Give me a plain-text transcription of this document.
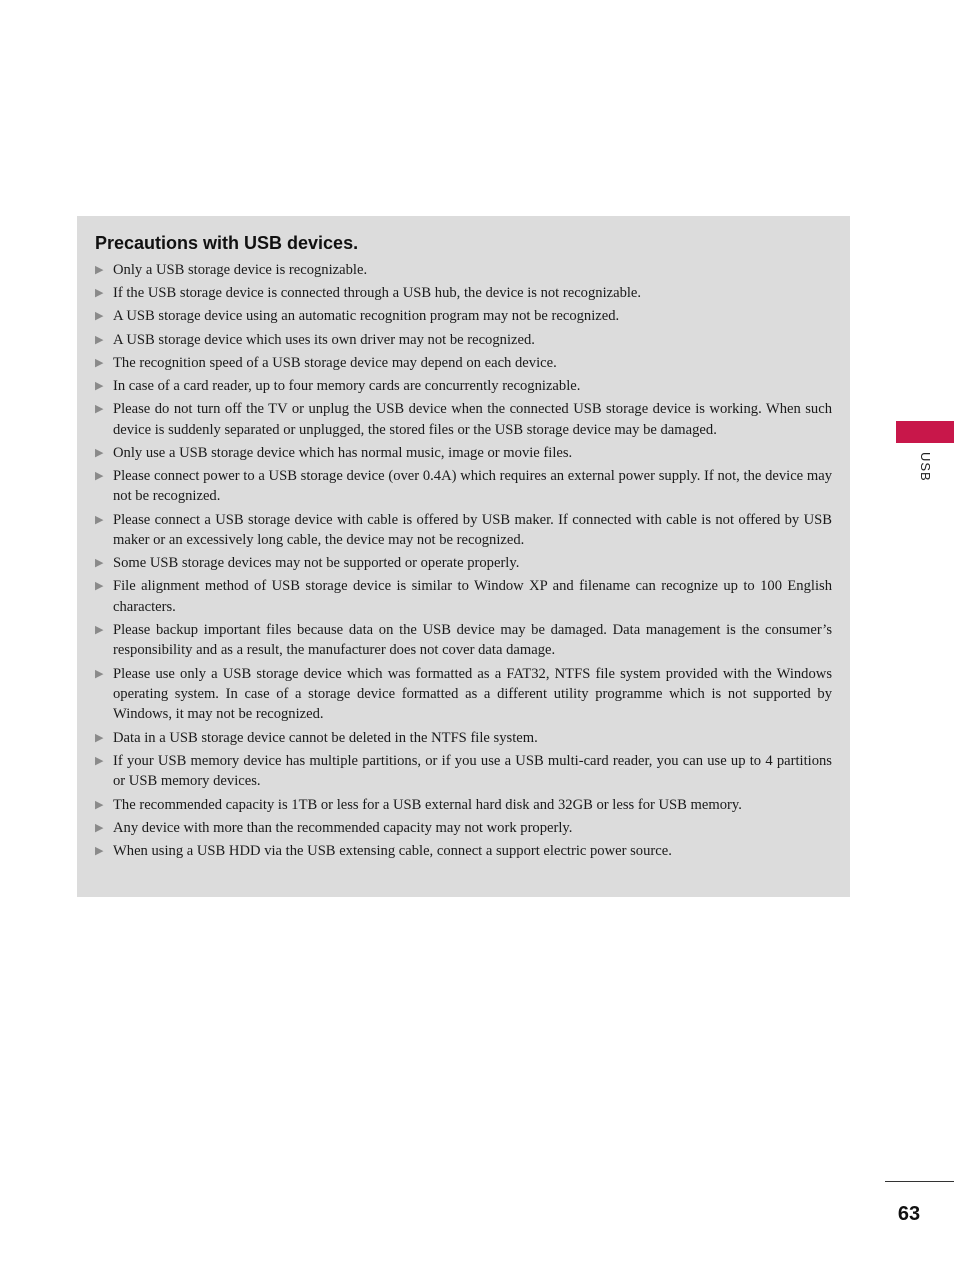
Precautions with USB devices.
▶ Only a USB storage device is recognizable.
▶ If the USB storage device is connected through a USB hub, the device is not recognizable.
▶ A USB storage device using an automatic recognition program may not be recognized.
▶ A USB storage device which uses its own driver may not be recognized.
▶ The recognition speed of a USB storage device may depend on each device.
▶ In case of a card reader, up to four memory cards are concurrently recognizable.
▶ Please do not turn off the TV or unplug the USB device when the connected USB storage device is working. When such device is suddenly separated or unplugged, the stored files or the USB storage device may be damaged.
▶ Only use a USB storage device which has normal music, image or movie files.
▶ Please connect power to a USB storage device (over 0.4A) which requires an external power supply. If not, the device may not be recognized.
▶ Please connect a USB storage device with cable is offered by USB maker. If connected with cable is not offered by USB maker or an excessively long cable, the device may not be recognized.
▶ Some USB storage devices may not be supported or operate properly.
▶ File alignment method of USB storage device is similar to Window XP and filename can recognize up to 100 English characters.
▶ Please backup important files because data on the USB device may be damaged. Data management is the consumer’s responsibility and as a result, the manufacturer does not cover data damage.
▶ Please use only a USB storage device which was formatted as a FAT32, NTFS file system provided with the Windows operating system. In case of a storage device formatted as a different utility programme which is not supported by Windows, it may not be recognized.
▶ Data in a USB storage device cannot be deleted in the NTFS file system.
▶ If your USB memory device has multiple partitions, or if you use a USB multi-card reader, you can use up to 4 partitions or USB memory devices.
▶ The recommended capacity is 1TB or less for a USB external hard disk and 32GB or less for USB memory.
▶ Any device with more than the recommended capacity may not work properly.
▶ When using a USB HDD via the USB extensing cable, connect a support electric power source.
USB
63
